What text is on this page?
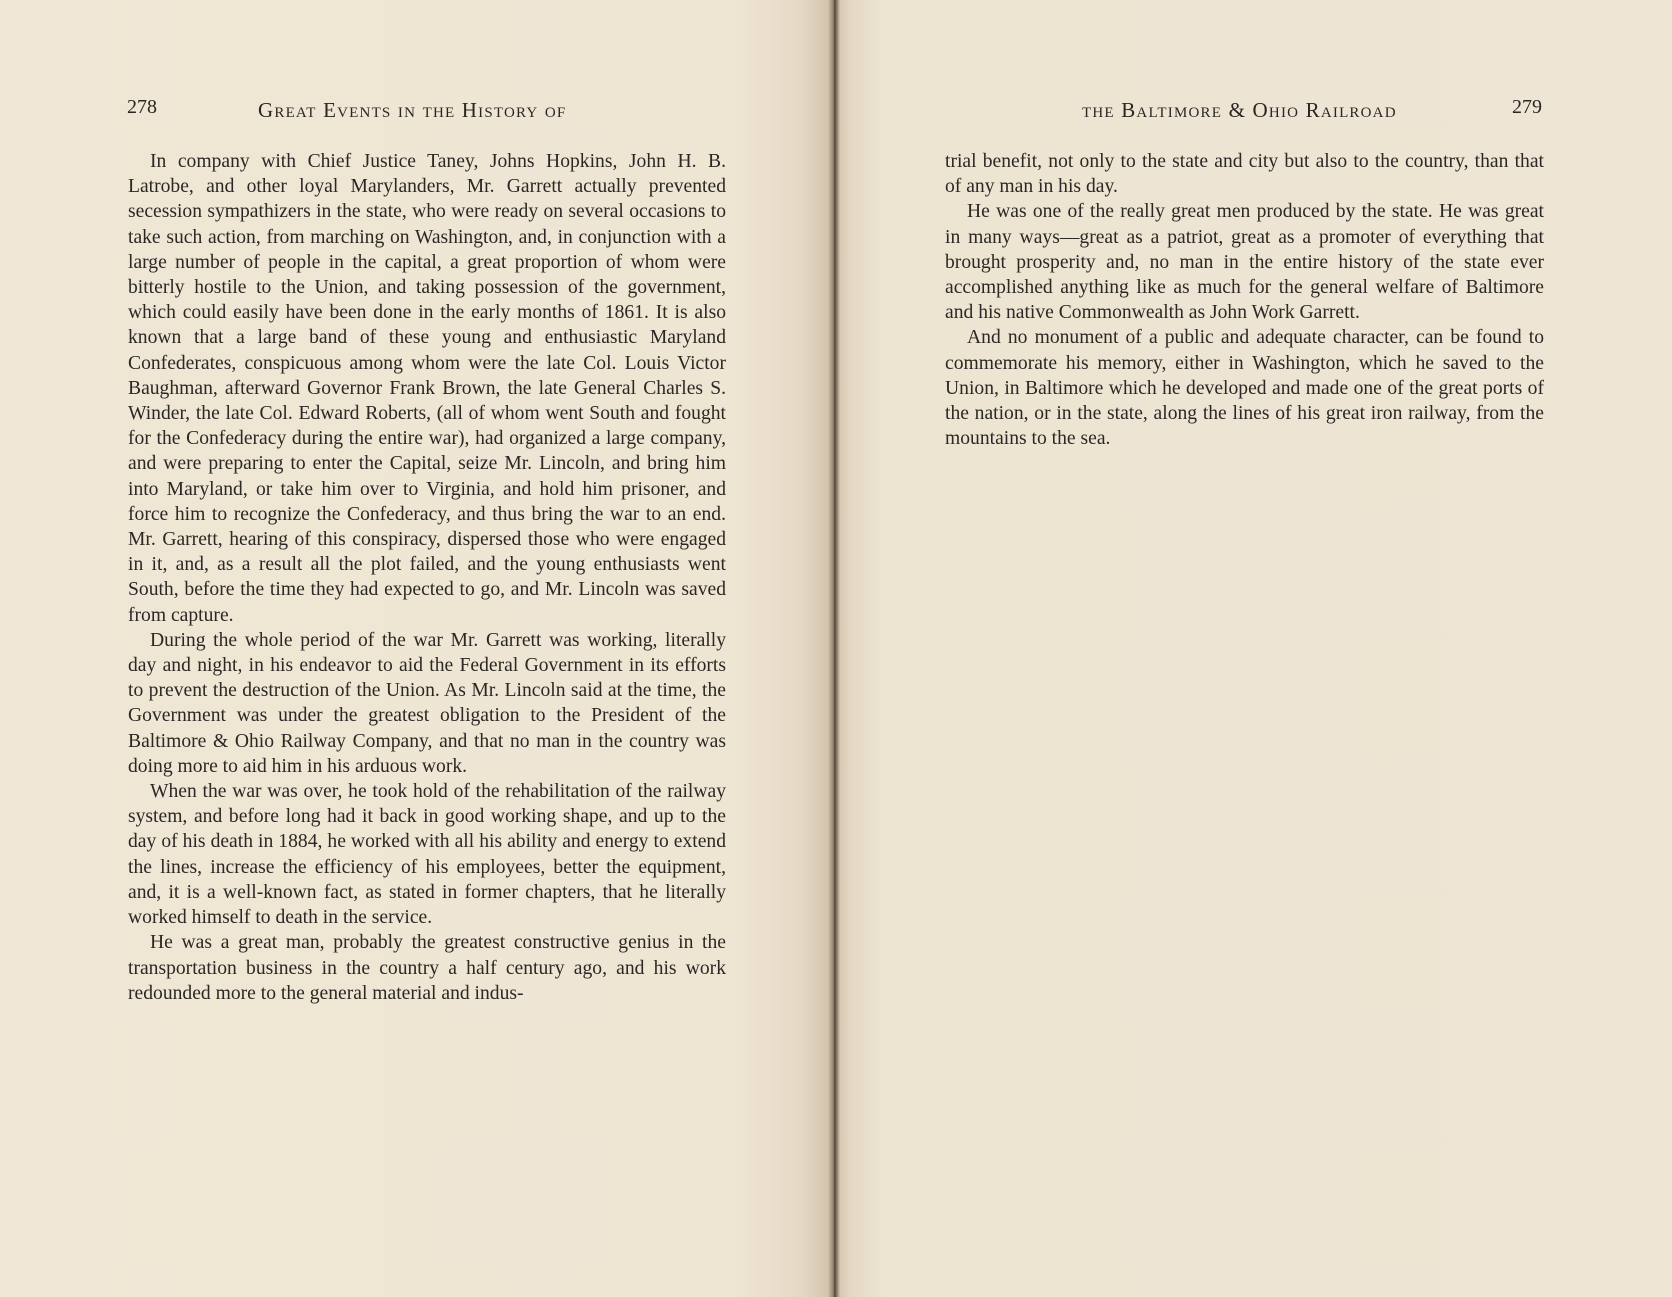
278	Great Events in the History of

In company with Chief Justice Taney, Johns Hopkins, John H. B. Latrobe, and other loyal Marylanders, Mr. Garrett actually prevented secession sympathizers in the state, who were ready on several occasions to take such action, from marching on Washington, and, in conjunction with a large number of people in the capital, a great proportion of whom were bitterly hostile to the Union, and taking possession of the government, which could easily have been done in the early months of 1861. It is also known that a large band of these young and enthusiastic Maryland Confederates, conspicuous among whom were the late Col. Louis Victor Baughman, afterward Governor Frank Brown, the late General Charles S. Winder, the late Col. Edward Roberts, (all of whom went South and fought for the Confederacy during the entire war), had organized a large company, and were preparing to enter the Capital, seize Mr. Lincoln, and bring him into Maryland, or take him over to Virginia, and hold him prisoner, and force him to recognize the Confederacy, and thus bring the war to an end. Mr. Garrett, hearing of this conspiracy, dispersed those who were engaged in it, and, as a result all the plot failed, and the young enthusiasts went South, before the time they had expected to go, and Mr. Lincoln was saved from capture.

During the whole period of the war Mr. Garrett was working, literally day and night, in his endeavor to aid the Federal Government in its efforts to prevent the destruction of the Union. As Mr. Lincoln said at the time, the Government was under the greatest obligation to the President of the Baltimore & Ohio Railway Company, and that no man in the country was doing more to aid him in his arduous work.

When the war was over, he took hold of the rehabilitation of the railway system, and before long had it back in good working shape, and up to the day of his death in 1884, he worked with all his ability and energy to extend the lines, increase the efficiency of his employees, better the equipment, and, it is a well-known fact, as stated in former chapters, that he literally worked himself to death in the service.

He was a great man, probably the greatest constructive genius in the transportation business in the country a half century ago, and his work redounded more to the general material and indus-

the Baltimore & Ohio Railroad	279

trial benefit, not only to the state and city but also to the country, than that of any man in his day.

He was one of the really great men produced by the state. He was great in many ways—great as a patriot, great as a promoter of everything that brought prosperity and, no man in the entire history of the state ever accomplished anything like as much for the general welfare of Baltimore and his native Commonwealth as John Work Garrett.

And no monument of a public and adequate character, can be found to commemorate his memory, either in Washington, which he saved to the Union, in Baltimore which he developed and made one of the great ports of the nation, or in the state, along the lines of his great iron railway, from the mountains to the sea.
